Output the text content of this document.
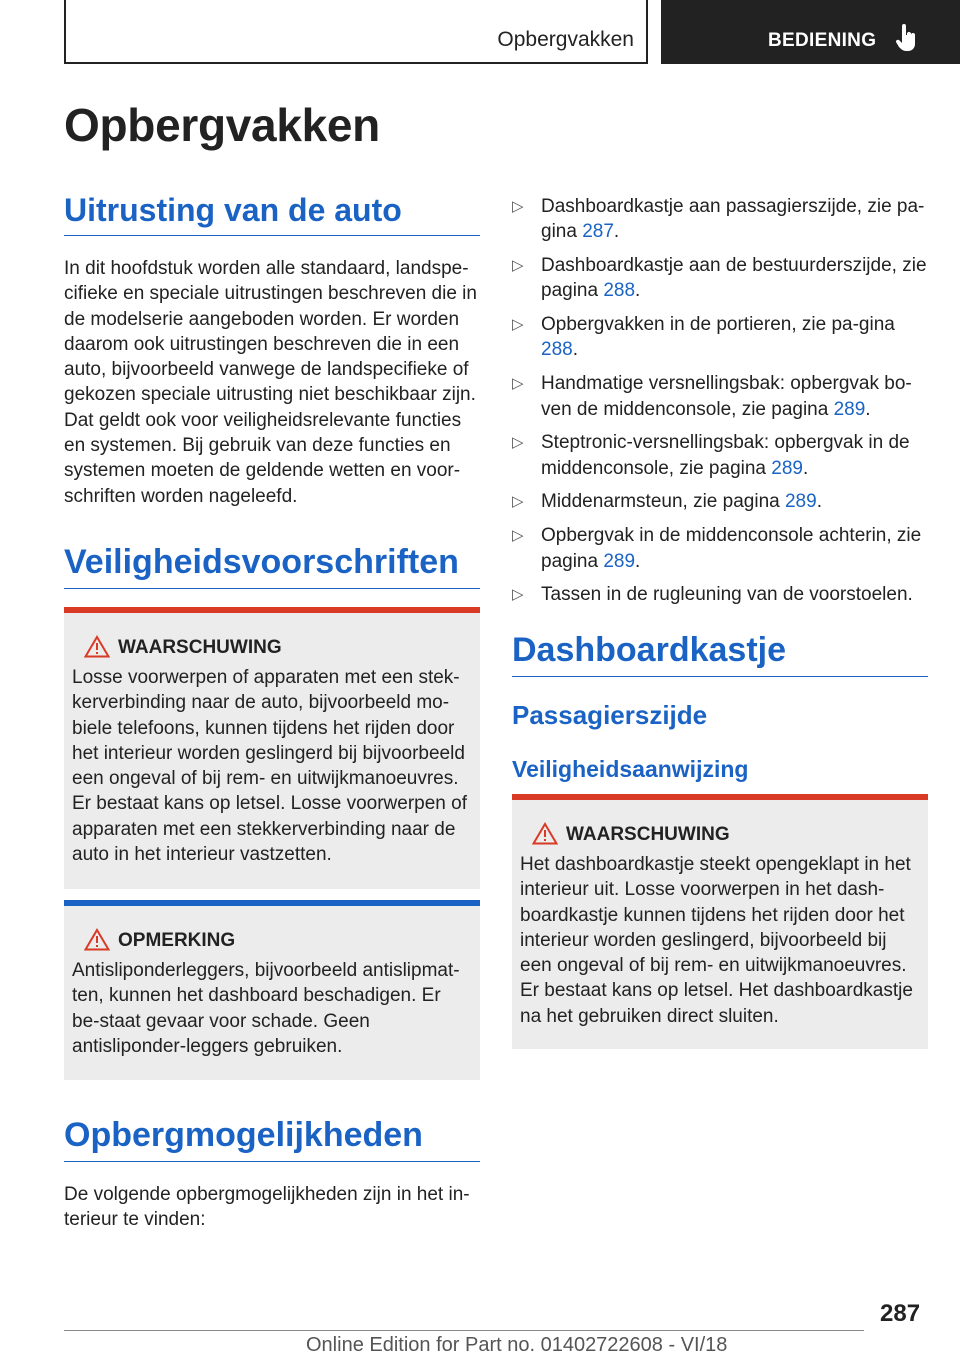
Opbergvakken	BEDIENING
Opbergvakken
Uitrusting van de auto

In dit hoofdstuk worden alle standaard, landspe-cifieke en speciale uitrustingen beschreven die in de modelserie aangeboden worden. Er worden daarom ook uitrustingen beschreven die in een auto, bijvoorbeeld vanwege de landspecifieke of gekozen speciale uitrusting niet beschikbaar zijn. Dat geldt ook voor veiligheidsrelevante functies en systemen. Bij gebruik van deze functies en systemen moeten de geldende wetten en voor-schriften worden nageleefd.

Veiligheidsvoorschriften
WAARSCHUWING
Losse voorwerpen of apparaten met een stek-kerverbinding naar de auto, bijvoorbeeld mo-biele telefoons, kunnen tijdens het rijden door het interieur worden geslingerd bij bijvoorbeeld een ongeval of bij rem- en uitwijkmanoeuvres. Er bestaat kans op letsel. Losse voorwerpen of apparaten met een stekkerverbinding naar de auto in het interieur vastzetten.
OPMERKING
Antisliponderleggers, bijvoorbeeld antislipmat-ten, kunnen het dashboard beschadigen. Er be-staat gevaar voor schade. Geen antisliponder-leggers gebruiken.
Opbergmogelijkheden

De volgende opbergmogelijkheden zijn in het in-terieur te vinden:

▷ Dashboardkastje aan passagierszijde, zie pa-gina 287.
▷ Dashboardkastje aan de bestuurderszijde, zie pagina 288.
▷ Opbergvakken in de portieren, zie pa-gina 288.
▷ Handmatige versnellingsbak: opbergvak bo-ven de middenconsole, zie pagina 289.
▷ Steptronic-versnellingsbak: opbergvak in de middenconsole, zie pagina 289.
▷ Middenarmsteun, zie pagina 289.
▷ Opbergvak in de middenconsole achterin, zie pagina 289.
▷ Tassen in de rugleuning van de voorstoelen.
Dashboardkastje
Passagierszijde
Veiligheidsaanwijzing
WAARSCHUWING
Het dashboardkastje steekt opengeklapt in het interieur uit. Losse voorwerpen in het dash-boardkastje kunnen tijdens het rijden door het interieur worden geslingerd, bijvoorbeeld bij een ongeval of bij rem- en uitwijkmanoeuvres. Er bestaat kans op letsel. Het dashboardkastje na het gebruiken direct sluiten.
287
Online Edition for Part no. 01402722608 - VI/18
